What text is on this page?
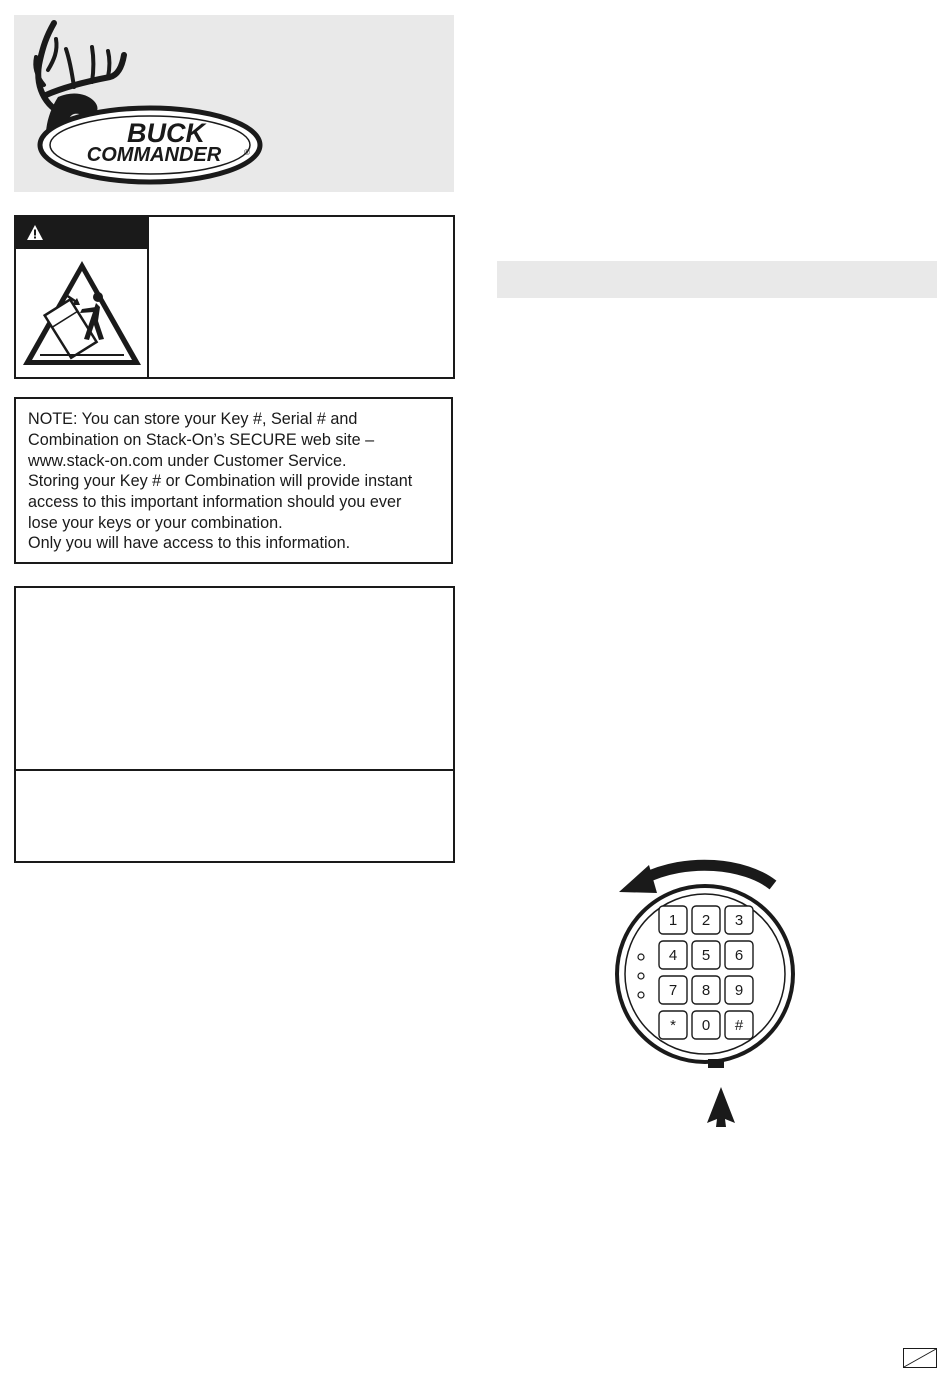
BUCK
COMMANDER	®
NOTE: You can store your Key #, Serial # and
Combination on Stack-On’s SECURE web site –
www.stack-on.com under Customer Service.
Storing your Key # or Combination will provide instant
access to this important information should you ever
lose your keys or your combination.
Only you will have access to this information.
1 2 3
4 5 6
7 8 9
* 0 #
